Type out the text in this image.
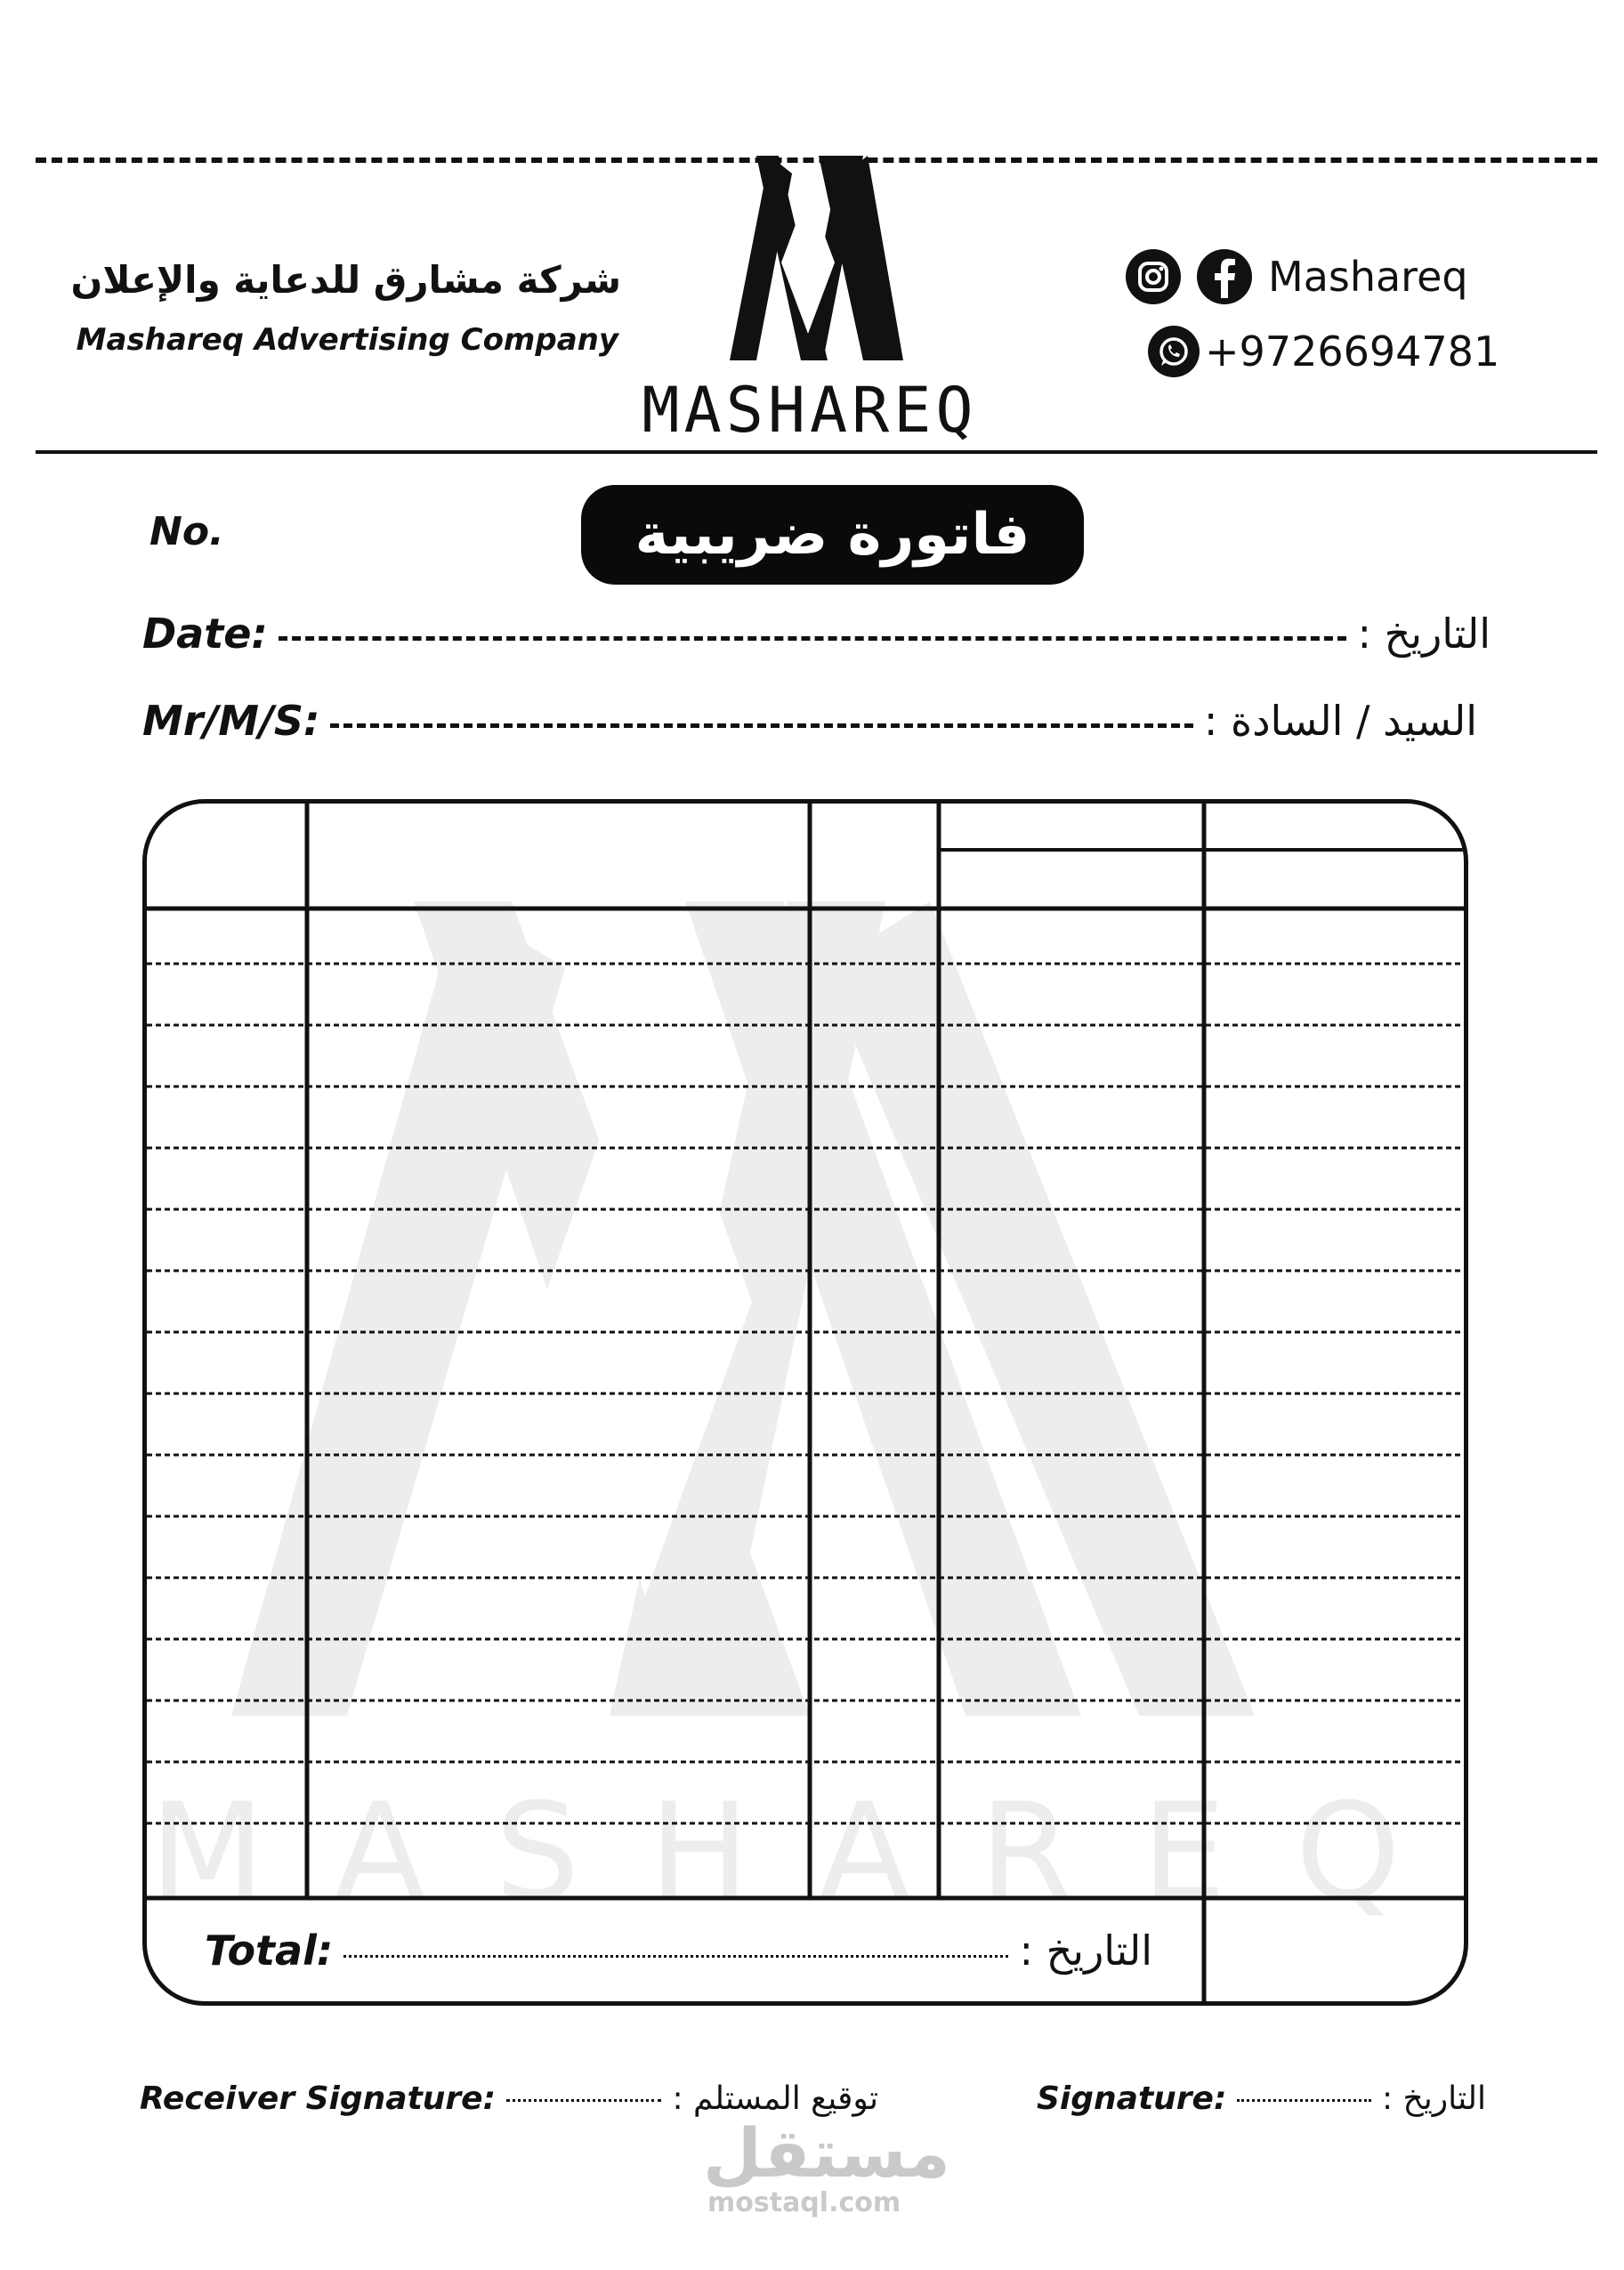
شركة مشارق للدعاية والإعلان
Mashareq Advertising Company
MASHAREQ
Mashareq
+9726694781
No.	فاتورة ضريبية
Date:	التاريخ :
Mr/M/S:	السيد / السادة :
MASHAREQ
Total:	التاريخ :
Receiver Signature:	توقيع المستلم :	Signature:	التاريخ :
مستقل
mostaql.com
